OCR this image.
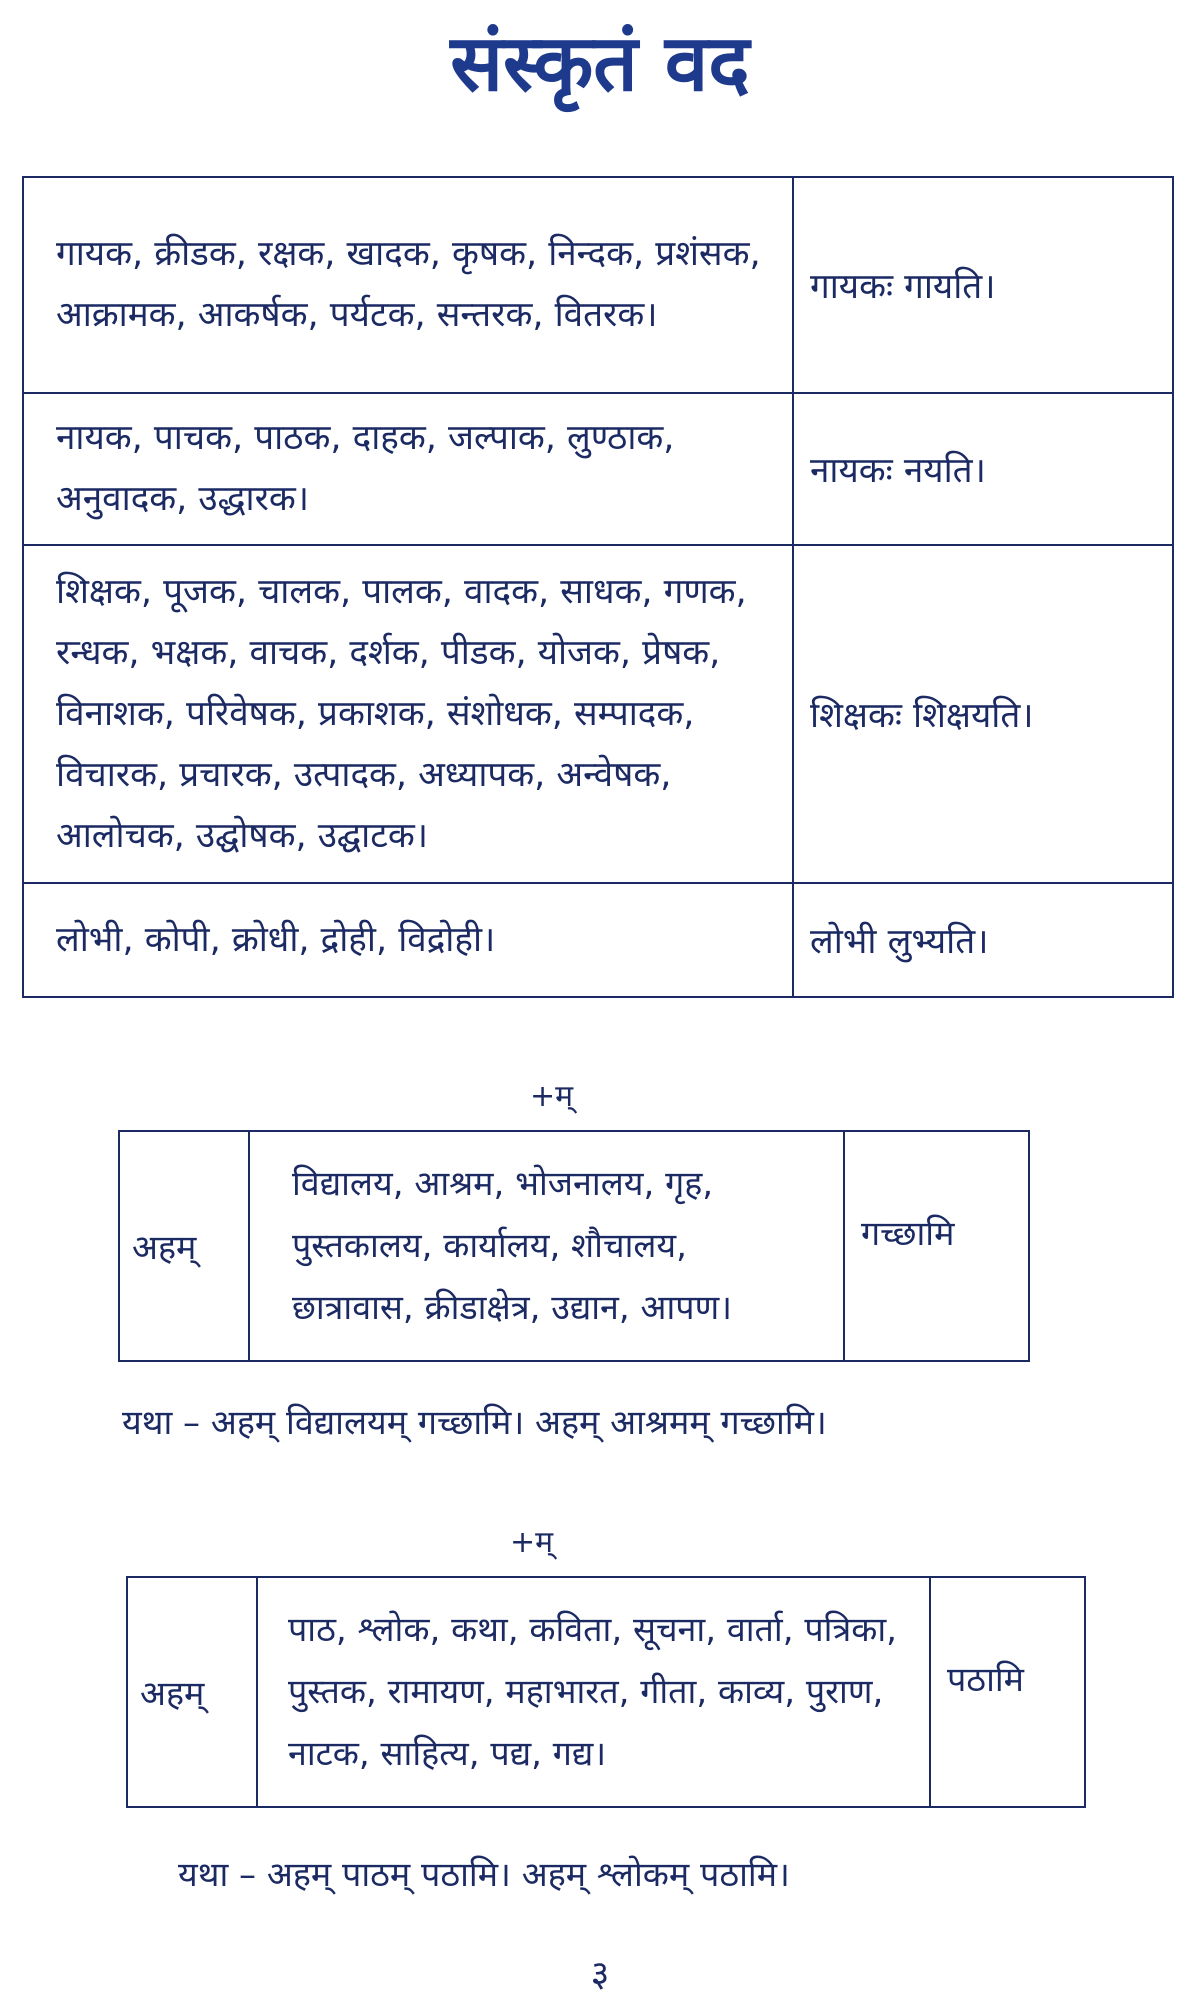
संस्कृतं वद
गायक, क्रीडक, रक्षक, खादक, कृषक, निन्दक, प्रशंसक, आक्रामक, आकर्षक, पर्यटक, सन्तरक, वितरक।	गायकः गायति।
नायक, पाचक, पाठक, दाहक, जल्पाक, लुण्ठाक, अनुवादक, उद्धारक।	नायकः नयति।
शिक्षक, पूजक, चालक, पालक, वादक, साधक, गणक, रन्धक, भक्षक, वाचक, दर्शक, पीडक, योजक, प्रेषक, विनाशक, परिवेषक, प्रकाशक, संशोधक, सम्पादक, विचारक, प्रचारक, उत्पादक, अध्यापक, अन्वेषक, आलोचक, उद्घोषक, उद्घाटक।	शिक्षकः शिक्षयति।
लोभी, कोपी, क्रोधी, द्रोही, विद्रोही।	लोभी लुभ्यति।
+म्
अहम्	विद्यालय, आश्रम, भोजनालय, गृह, पुस्तकालय, कार्यालय, शौचालय, छात्रावास, क्रीडाक्षेत्र, उद्यान, आपण।	गच्छामि
यथा – अहम् विद्यालयम् गच्छामि। अहम् आश्रमम् गच्छामि।
+म्
अहम्	पाठ, श्लोक, कथा, कविता, सूचना, वार्ता, पत्रिका, पुस्तक, रामायण, महाभारत, गीता, काव्य, पुराण, नाटक, साहित्य, पद्य, गद्य।	पठामि
यथा – अहम् पाठम् पठामि। अहम् श्लोकम् पठामि।
३
